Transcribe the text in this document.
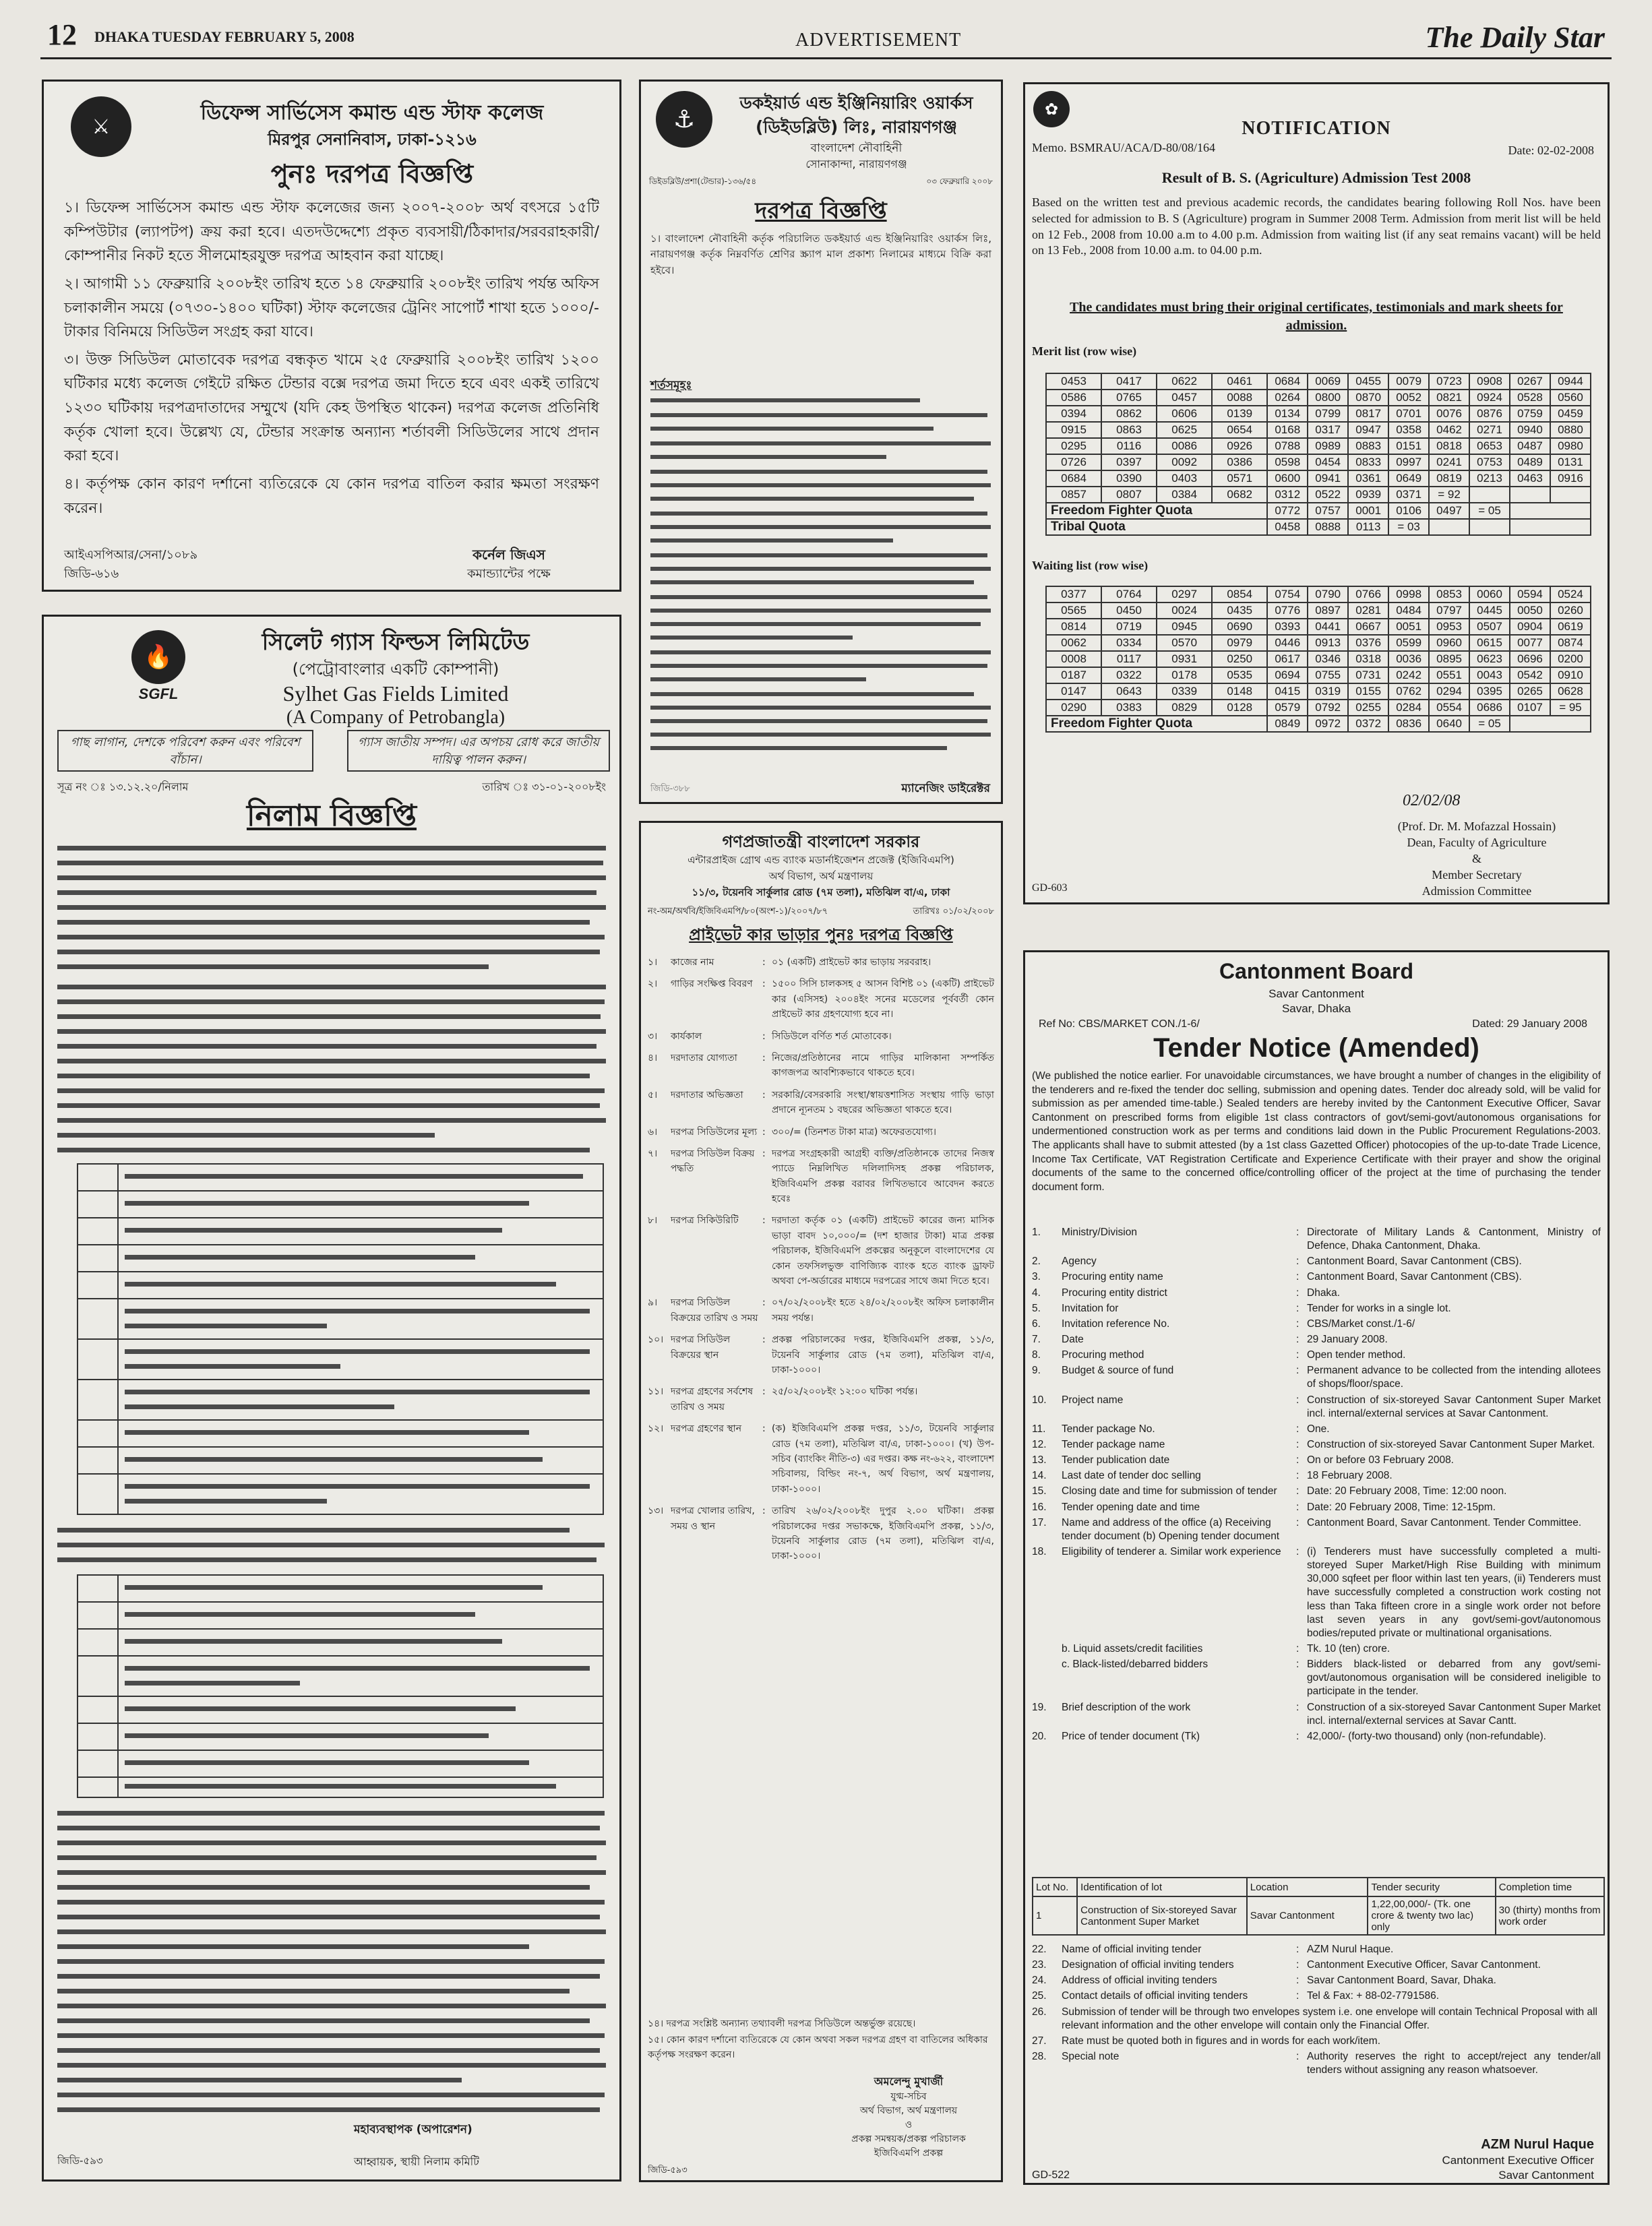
12 DHAKA TUESDAY FEBRUARY 5, 2008	ADVERTISEMENT	The Daily Star
⚔
ডিফেন্স সার্ভিসেস কমান্ড এন্ড স্টাফ কলেজ
মিরপুর সেনানিবাস, ঢাকা-১২১৬
পুনঃ দরপত্র বিজ্ঞপ্তি
১। ডিফেন্স সার্ভিসেস কমান্ড এন্ড স্টাফ কলেজের জন্য ২০০৭-২০০৮ অর্থ বৎসরে ১৫টি কম্পিউটার (ল্যাপটপ) ক্রয় করা হবে। এতদউদ্দেশ্যে প্রকৃত ব্যবসায়ী/ঠিকাদার/সরবরাহকারী/কোম্পানীর নিকট হতে সীলমোহরযুক্ত দরপত্র আহবান করা যাচ্ছে।
২। আগামী ১১ ফেব্রুয়ারি ২০০৮ইং তারিখ হতে ১৪ ফেব্রুয়ারি ২০০৮ইং তারিখ পর্যন্ত অফিস চলাকালীন সময়ে (০৭৩০-১৪০০ ঘটিকা) স্টাফ কলেজের ট্রেনিং সাপোর্ট শাখা হতে ১০০০/- টাকার বিনিময়ে সিডিউল সংগ্রহ করা যাবে।
৩। উক্ত সিডিউল মোতাবেক দরপত্র বন্ধকৃত খামে ২৫ ফেব্রুয়ারি ২০০৮ইং তারিখ ১২০০ ঘটিকার মধ্যে কলেজ গেইটে রক্ষিত টেন্ডার বক্সে দরপত্র জমা দিতে হবে এবং একই তারিখে ১২৩০ ঘটিকায় দরপত্রদাতাদের সম্মুখে (যদি কেহ উপস্থিত থাকেন) দরপত্র কলেজ প্রতিনিধি কর্তৃক খোলা হবে। উল্লেখ্য যে, টেন্ডার সংক্রান্ত অন্যান্য শর্তাবলী সিডিউলের সাথে প্রদান করা হবে।
৪। কর্তৃপক্ষ কোন কারণ দর্শানো ব্যতিরেকে যে কোন দরপত্র বাতিল করার ক্ষমতা সংরক্ষণ করেন।
আইএসপিআর/সেনা/১০৮৯
জিডি-৬১৬
কর্নেল জিএস
কমান্ড্যান্টের পক্ষে
🔥
SGFL
সিলেট গ্যাস ফিল্ডস লিমিটেড
(পেট্রোবাংলার একটি কোম্পানী)
Sylhet Gas Fields Limited
(A Company of Petrobangla)
গাছ লাগান, দেশকে পরিবেশ করুন এবং পরিবেশ বাঁচান।
গ্যাস জাতীয় সম্পদ। এর অপচয় রোধ করে জাতীয় দায়িত্ব পালন করুন।
সূত্র নং ঃ ১৩.১২.২০/নিলাম	তারিখ ঃ ৩১-০১-২০০৮ইং
নিলাম বিজ্ঞপ্তি
মহাব্যবস্থাপক (অপারেশন)
জিডি-৫৯৩	আহ্বায়ক, স্থায়ী নিলাম কমিটি
⚓
ডকইয়ার্ড এন্ড ইঞ্জিনিয়ারিং ওয়ার্কস
(ডিইডব্লিউ) লিঃ, নারায়ণগঞ্জ
বাংলাদেশ নৌবাহিনী
সোনাকান্দা, নারায়ণগঞ্জ
ডিইডব্লিউ/প্রশা(টেন্ডার)-১৩৬/৫৪	০৩ ফেব্রুয়ারি ২০০৮
দরপত্র বিজ্ঞপ্তি
১। বাংলাদেশ নৌবাহিনী কর্তৃক পরিচালিত ডকইয়ার্ড এন্ড ইঞ্জিনিয়ারিং ওয়ার্কস লিঃ, নারায়ণগঞ্জ কর্তৃক নিম্নবর্ণিত শ্রেণির স্ক্র্যাপ মাল প্রকাশ্য নিলামের মাধ্যমে বিক্রি করা হইবে।
শর্তসমূহঃ
জিডি-৩৮৮	ম্যানেজিং ডাইরেক্টর
গণপ্রজাতন্ত্রী বাংলাদেশ সরকার
এন্টারপ্রাইজ গ্রোথ এন্ড ব্যাংক মডার্নাইজেশন প্রজেক্ট (ইজিবিএমপি)
অর্থ বিভাগ, অর্থ মন্ত্রণালয়
১১/৩, টয়েনবি সার্কুলার রোড (৭ম তলা), মতিঝিল বা/এ, ঢাকা
নং-অম/অর্থবি/ইজিবিএমপি/৮০(অংশ-১)/২০০৭/৮৭	তারিখঃ ০১/০২/২০০৮
প্রাইভেট কার ভাড়ার পুনঃ দরপত্র বিজ্ঞপ্তি
১।	কাজের নাম	: ০১ (একটি) প্রাইভেট কার ভাড়ায় সরবরাহ।
২।	গাড়ির সংক্ষিপ্ত বিবরণ	: ১৫০০ সিসি চালকসহ ৫ আসন বিশিষ্ট ০১ (একটি) প্রাইভেট কার (এসিসহ) ২০০৪ইং সনের মডেলের পূর্ববর্তী কোন প্রাইভেট কার গ্রহণযোগ্য হবে না।
৩।	কার্যকাল	: সিডিউলে বর্ণিত শর্ত মোতাবেক।
৪।	দরদাতার যোগ্যতা	: নিজের/প্রতিষ্ঠানের নামে গাড়ির মালিকানা সম্পর্কিত কাগজপত্র আবশ্যিকভাবে থাকতে হবে।
৫।	দরদাতার অভিজ্ঞতা	: সরকারি/বেসরকারি সংস্থা/স্বায়ত্তশাসিত সংস্থায় গাড়ি ভাড়া প্রদানে ন্যূনতম ১ বছরের অভিজ্ঞতা থাকতে হবে।
৬।	দরপত্র সিডিউলের মূল্য : ৩০০/= (তিনশত টাকা মাত্র) অফেরতযোগ্য।
৭।	দরপত্র সিডিউল বিক্রয় পদ্ধতি
: দরপত্র সংগ্রহকারী আগ্রহী ব্যক্তি/প্রতিষ্ঠানকে তাদের নিজস্ব প্যাডে নিম্নলিখিত দলিলাদিসহ প্রকল্প পরিচালক, ইজিবিএমপি প্রকল্প বরাবর লিখিতভাবে আবেদন করতে হবেঃ
৮।	দরপত্র সিকিউরিটি	: দরদাতা কর্তৃক ০১ (একটি) প্রাইভেট কারের জন্য মাসিক ভাড়া বাবদ ১০,০০০/= (দশ হাজার টাকা) মাত্র প্রকল্প পরিচালক, ইজিবিএমপি প্রকল্পের অনুকূলে বাংলাদেশের যে কোন তফসিলভুক্ত বাণিজ্যিক ব্যাংক হতে ব্যাংক ড্রাফট অথবা পে-অর্ডারের মাধ্যমে দরপত্রের সাথে জমা দিতে হবে।
৯।	দরপত্র সিডিউল বিক্রয়ের তারিখ ও সময়
: ০৭/০২/২০০৮ইং হতে ২৪/০২/২০০৮ইং অফিস চলাকালীন সময় পর্যন্ত।
১০। দরপত্র সিডিউল বিক্রয়ের স্থান
: প্রকল্প পরিচালকের দপ্তর, ইজিবিএমপি প্রকল্প, ১১/৩, টয়েনবি সার্কুলার রোড (৭ম তলা), মতিঝিল বা/এ, ঢাকা-১০০০।
১১। দরপত্র গ্রহণের সর্বশেষ তারিখ ও সময়
: ২৫/০২/২০০৮ইং ১২:০০ ঘটিকা পর্যন্ত।
১২। দরপত্র গ্রহণের স্থান	: (ক) ইজিবিএমপি প্রকল্প দপ্তর, ১১/৩, টয়েনবি সার্কুলার রোড (৭ম তলা), মতিঝিল বা/এ, ঢাকা-১০০০। (খ) উপ-সচিব (ব্যাংকিং নীতি-৩) এর দপ্তর। কক্ষ নং-৬২২, বাংলাদেশ সচিবালয়, বিল্ডিং নং-৭, অর্থ বিভাগ, অর্থ মন্ত্রণালয়, ঢাকা-১০০০।
১৩। দরপত্র খোলার তারিখ, সময় ও স্থান
: তারিখ ২৬/০২/২০০৮ইং দুপুর ২.০০ ঘটিকা। প্রকল্প পরিচালকের দপ্তর সভাকক্ষে, ইজিবিএমপি প্রকল্প, ১১/৩, টয়েনবি সার্কুলার রোড (৭ম তলা), মতিঝিল বা/এ, ঢাকা-১০০০।
১৪। দরপত্র সংশ্লিষ্ট অন্যান্য তথ্যাবলী দরপত্র সিডিউলে অন্তর্ভুক্ত রয়েছে।
১৫। কোন কারণ দর্শানো ব্যতিরেকে যে কোন অথবা সকল দরপত্র গ্রহণ বা বাতিলের অধিকার কর্তৃপক্ষ সংরক্ষণ করেন।
অমলেন্দু মুখার্জী
যুগ্ম-সচিব
অর্থ বিভাগ, অর্থ মন্ত্রণালয়
ও
প্রকল্প সমন্বয়ক/প্রকল্প পরিচালক
ইজিবিএমপি প্রকল্প
জিডি-৫৯৩
✿
NOTIFICATION
Memo. BSMRAU/ACA/D-80/08/164	Date: 02-02-2008
Result of B. S. (Agriculture) Admission Test 2008
Based on the written test and previous academic records, the candidates bearing following Roll Nos. have been selected for admission to B. S (Agriculture) program in Summer 2008 Term. Admission from merit list will be held on 12 Feb., 2008 from 10.00 a.m to 4.00 p.m. Admission from waiting list (if any seat remains vacant) will be held on 13 Feb., 2008 from 10.00 a.m. to 04.00 p.m.
The candidates must bring their original certificates, testimonials and mark sheets for admission.
Merit list (row wise)
0453	0417	0622	0461	0684	0069	0455	0079	0723	0908	0267	0944
0586	0765	0457	0088	0264	0800	0870	0052	0821	0924	0528	0560
0394	0862	0606	0139	0134	0799	0817	0701	0076	0876	0759	0459
0915	0863	0625	0654	0168	0317	0947	0358	0462	0271	0940	0880
0295	0116	0086	0926	0788	0989	0883	0151	0818	0653	0487	0980
0726	0397	0092	0386	0598	0454	0833	0997	0241	0753	0489	0131
0684	0390	0403	0571	0600	0941	0361	0649	0819	0213	0463	0916
0857	0807	0384	0682	0312	0522	0939	0371	= 92			
Freedom Fighter Quota				0772	0757	0001	0106	0497	= 05		
Tribal Quota				0458	0888	0113	= 03				
Waiting list (row wise)
0377	0764	0297	0854	0754	0790	0766	0998	0853	0060	0594	0524
0565	0450	0024	0435	0776	0897	0281	0484	0797	0445	0050	0260
0814	0719	0945	0690	0393	0441	0667	0051	0953	0507	0904	0619
0062	0334	0570	0979	0446	0913	0376	0599	0960	0615	0077	0874
0008	0117	0931	0250	0617	0346	0318	0036	0895	0623	0696	0200
0187	0322	0178	0535	0694	0755	0731	0242	0551	0043	0542	0910
0147	0643	0339	0148	0415	0319	0155	0762	0294	0395	0265	0628
0290	0383	0829	0128	0579	0792	0255	0284	0554	0686	0107	= 95
Freedom Fighter Quota				0849	0972	0372	0836	0640	= 05		
02/02/08
(Prof. Dr. M. Mofazzal Hossain)
Dean, Faculty of Agriculture
&
Member Secretary
Admission Committee
GD-603
Cantonment Board
Savar Cantonment
Savar, Dhaka
Ref No: CBS/MARKET CON./1-6/	Dated: 29 January 2008
Tender Notice (Amended)
(We published the notice earlier. For unavoidable circumstances, we have brought a number of changes in the eligibility of the tenderers and re-fixed the tender doc selling, submission and opening dates. Tender doc already sold, will be valid for submission as per amended time-table.) Sealed tenders are hereby invited by the Cantonment Executive Officer, Savar Cantonment on prescribed forms from eligible 1st class contractors of govt/semi-govt/autonomous organisations for undermentioned construction work as per terms and conditions laid down in the Public Procurement Regulations-2003. The applicants shall have to submit attested (by a 1st class Gazetted Officer) photocopies of the up-to-date Trade Licence, Income Tax Certificate, VAT Registration Certificate and Experience Certificate with their prayer and show the original documents of the same to the concerned office/controlling officer of the project at the time of purchasing the tender document form.
1.	Ministry/Division	: Directorate of Military Lands & Cantonment, Ministry of Defence, Dhaka Cantonment, Dhaka.
2.	Agency	: Cantonment Board, Savar Cantonment (CBS).
3.	Procuring entity name	: Cantonment Board, Savar Cantonment (CBS).
4.	Procuring entity district	: Dhaka.
5.	Invitation for	: Tender for works in a single lot.
6.	Invitation reference No.	: CBS/Market const./1-6/
7.	Date	: 29 January 2008.
8.	Procuring method	: Open tender method.
9.	Budget & source of fund	: Permanent advance to be collected from the intending allotees of shops/floor/space.
10.	Project name	: Construction of six-storeyed Savar Cantonment Super Market incl. internal/external services at Savar Cantonment.
11.	Tender package No.	: One.
12.	Tender package name	: Construction of six-storeyed Savar Cantonment Super Market.
13.	Tender publication date	: On or before 03 February 2008.
14.	Last date of tender doc selling	: 18 February 2008.
15.	Closing date and time for submission of tender	: Date: 20 February 2008, Time: 12:00 noon.
16.	Tender opening date and time	: Date: 20 February 2008, Time: 12-15pm.
17.	Name and address of the office (a) Receiving tender document (b) Opening tender document
: Cantonment Board, Savar Cantonment. Tender Committee.
18.	Eligibility of tenderer a. Similar work experience	: (i) Tenderers must have successfully completed a multi-storeyed Super Market/High Rise Building with minimum 30,000 sqfeet per floor within last ten years, (ii) Tenderers must have successfully completed a construction work costing not less than Taka fifteen crore in a single work order not before last seven years in any govt/semi-govt/autonomous bodies/reputed private or multinational organisations.
b. Liquid assets/credit facilities	: Tk. 10 (ten) crore.
c. Black-listed/debarred bidders	: Bidders black-listed or debarred from any govt/semi-govt/autonomous organisation will be considered ineligible to participate in the tender.
19.	Brief description of the work	: Construction of a six-storeyed Savar Cantonment Super Market incl. internal/external services at Savar Cantt.
20.	Price of tender document (Tk)	: 42,000/- (forty-two thousand) only (non-refundable).
Lot No.	Identification of lot	Location	Tender security	Completion time
1	Construction of Six-storeyed Savar Cantonment Super Market	Savar Cantonment	1,22,00,000/- (Tk. one crore & twenty two lac) only	30 (thirty) months from work order
22.	Name of official inviting tender	: AZM Nurul Haque.
23.	Designation of official inviting tenders	: Cantonment Executive Officer, Savar Cantonment.
24.	Address of official inviting tenders	: Savar Cantonment Board, Savar, Dhaka.
25.	Contact details of official inviting tenders	: Tel & Fax: + 88-02-7791586.
26.	Submission of tender will be through two envelopes system i.e. one envelope will contain Technical Proposal with all relevant information and the other envelope will contain only the Financial Offer.
27.	Rate must be quoted both in figures and in words for each work/item.
28.	Special note	: Authority reserves the right to accept/reject any tender/all tenders without assigning any reason whatsoever.
AZM Nurul Haque
Cantonment Executive Officer
Savar Cantonment
GD-522
